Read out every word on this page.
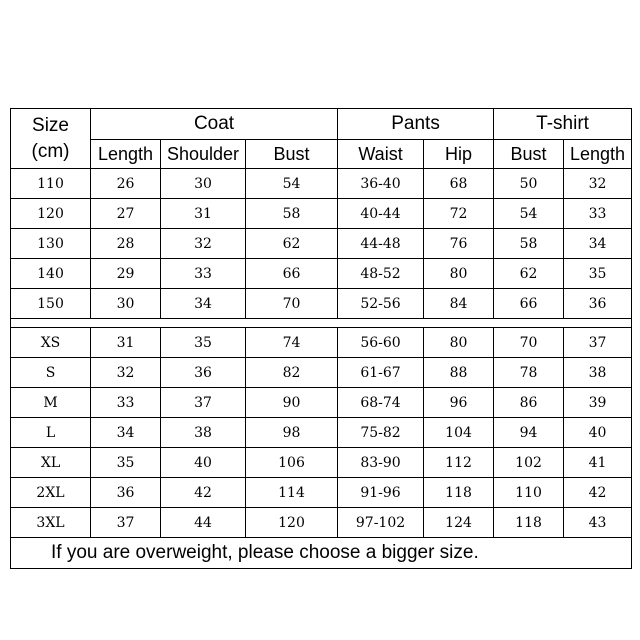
Size
(cm)	Coat			Pants		T-shirt	
	Length	Shoulder	Bust	Waist	Hip	Bust	Length
110	26	30	54	36-40	68	50	32
120	27	31	58	40-44	72	54	33
130	28	32	62	44-48	76	58	34
140	29	33	66	48-52	80	62	35
150	30	34	70	52-56	84	66	36

XS	31	35	74	56-60	80	70	37
S	32	36	82	61-67	88	78	38
M	33	37	90	68-74	96	86	39
L	34	38	98	75-82	104	94	40
XL	35	40	106	83-90	112	102	41
2XL	36	42	114	91-96	118	110	42
3XL	37	44	120	97-102	124	118	43
If you are overweight, please choose a bigger size.							
